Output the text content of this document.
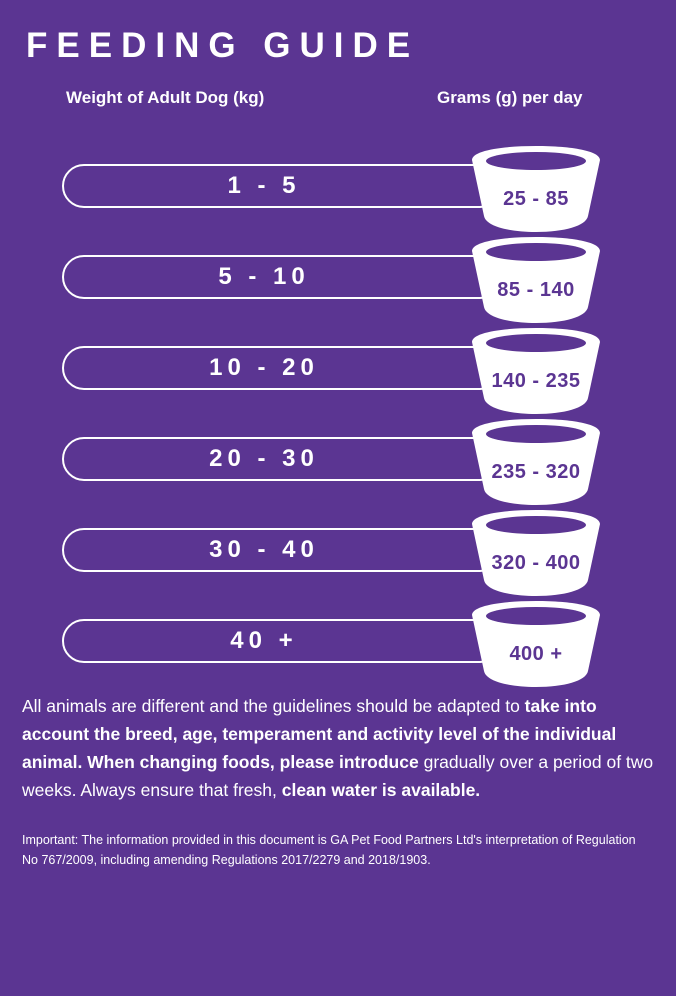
FEEDING GUIDE
Weight of Adult Dog (kg)	Grams (g) per day
1 - 5	25 - 85
5 - 10	85 - 140
10 - 20	140 - 235
20 - 30	235 - 320
30 - 40	320 - 400
40 +	400 +

All animals are different and the guidelines should be adapted to take into account the breed, age, temperament and activity level of the individual animal. When changing foods, please introduce gradually over a period of two weeks. Always ensure that fresh, clean water is available.

Important: The information provided in this document is GA Pet Food Partners Ltd's interpretation of Regulation No 767/2009, including amending Regulations 2017/2279 and 2018/1903.
